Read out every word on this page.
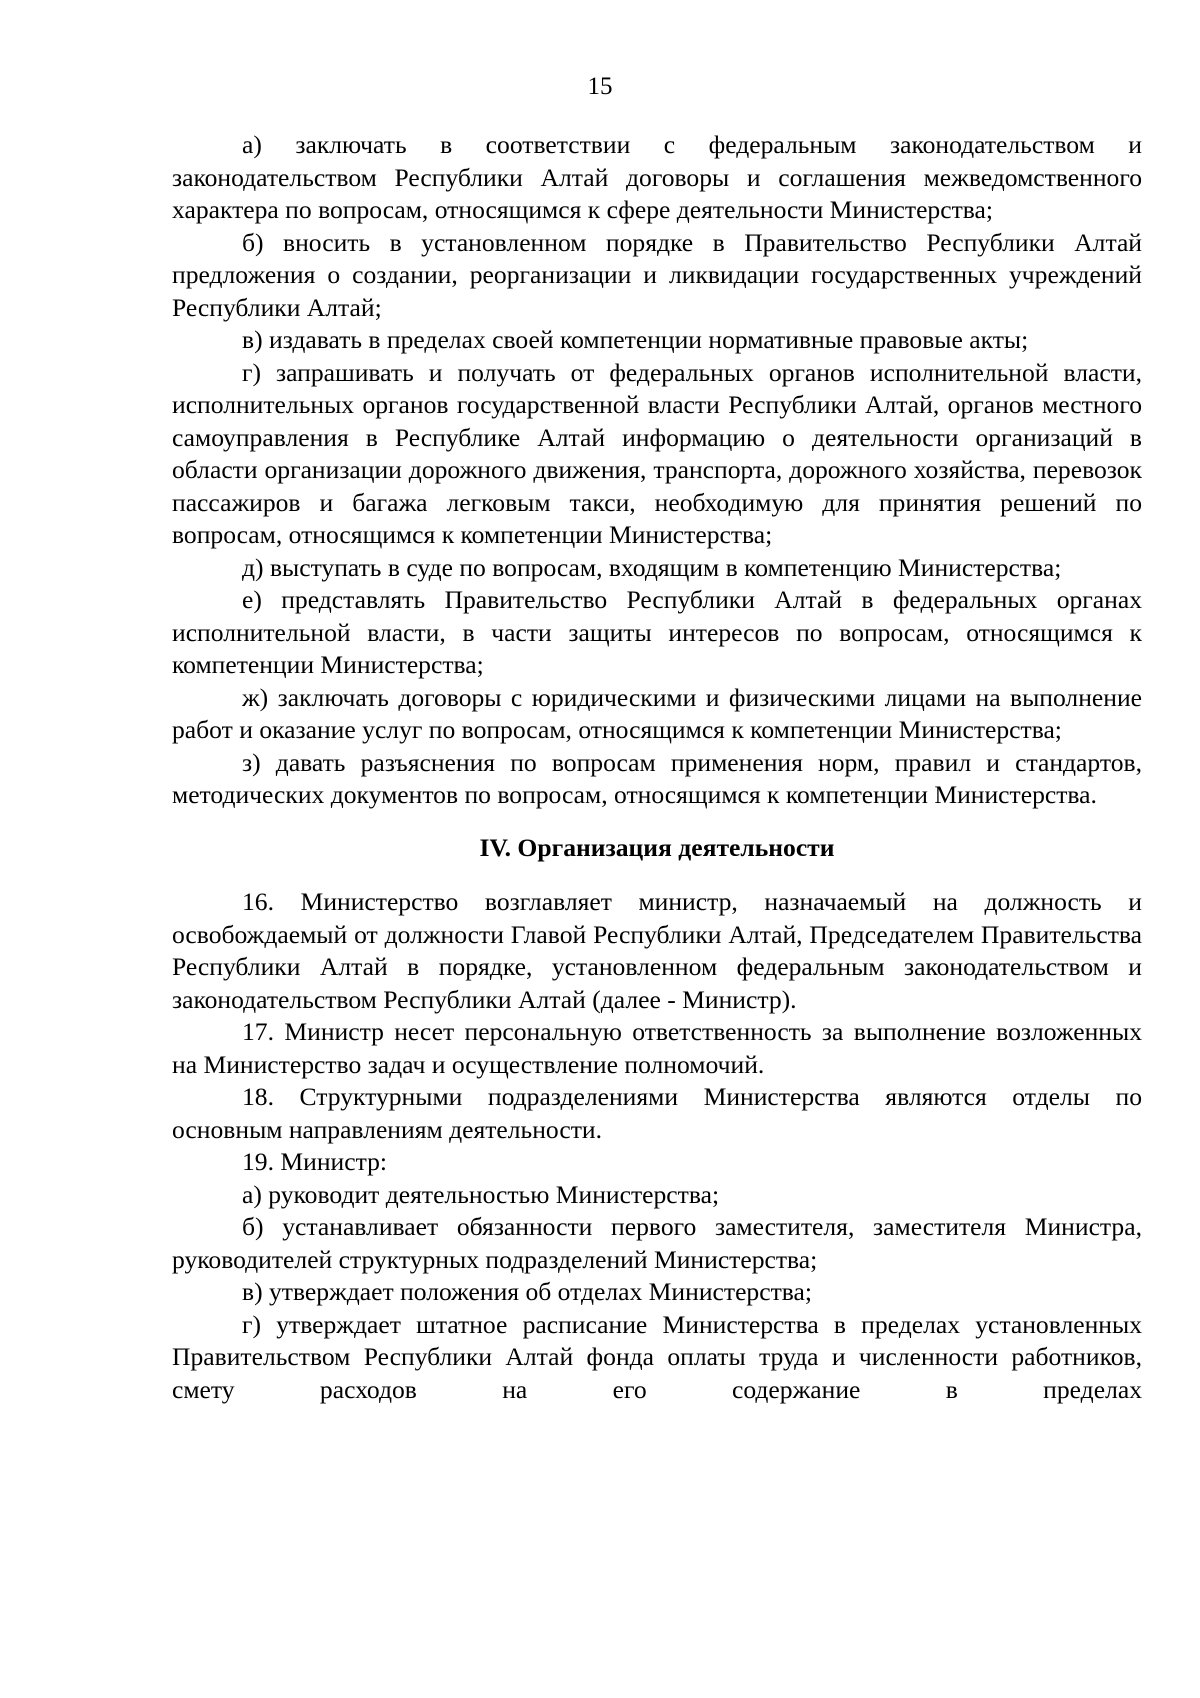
15

а) заключать в соответствии с федеральным законодательством и законодательством Республики Алтай договоры и соглашения межведомственного характера по вопросам, относящимся к сфере деятельности Министерства;

б) вносить в установленном порядке в Правительство Республики Алтай предложения о создании, реорганизации и ликвидации государственных учреждений Республики Алтай;

в) издавать в пределах своей компетенции нормативные правовые акты;

г) запрашивать и получать от федеральных органов исполнительной власти, исполнительных органов государственной власти Республики Алтай, органов местного самоуправления в Республике Алтай информацию о деятельности организаций в области организации дорожного движения, транспорта, дорожного хозяйства, перевозок пассажиров и багажа легковым такси, необходимую для принятия решений по вопросам, относящимся к компетенции Министерства;

д) выступать в суде по вопросам, входящим в компетенцию Министерства;

е) представлять Правительство Республики Алтай в федеральных органах исполнительной власти, в части защиты интересов по вопросам, относящимся к компетенции Министерства;

ж) заключать договоры с юридическими и физическими лицами на выполнение работ и оказание услуг по вопросам, относящимся к компетенции Министерства;

з) давать разъяснения по вопросам применения норм, правил и стандартов, методических документов по вопросам, относящимся к компетенции Министерства.

IV. Организация деятельности

16. Министерство возглавляет министр, назначаемый на должность и освобождаемый от должности Главой Республики Алтай, Председателем Правительства Республики Алтай в порядке, установленном федеральным законодательством и законодательством Республики Алтай (далее - Министр).

17. Министр несет персональную ответственность за выполнение возложенных на Министерство задач и осуществление полномочий.

18. Структурными подразделениями Министерства являются отделы по основным направлениям деятельности.

19. Министр:

а) руководит деятельностью Министерства;

б) устанавливает обязанности первого заместителя, заместителя Министра, руководителей структурных подразделений Министерства;

в) утверждает положения об отделах Министерства;

г) утверждает штатное расписание Министерства в пределах установленных Правительством Республики Алтай фонда оплаты труда и численности работников, смету расходов на его содержание в пределах
